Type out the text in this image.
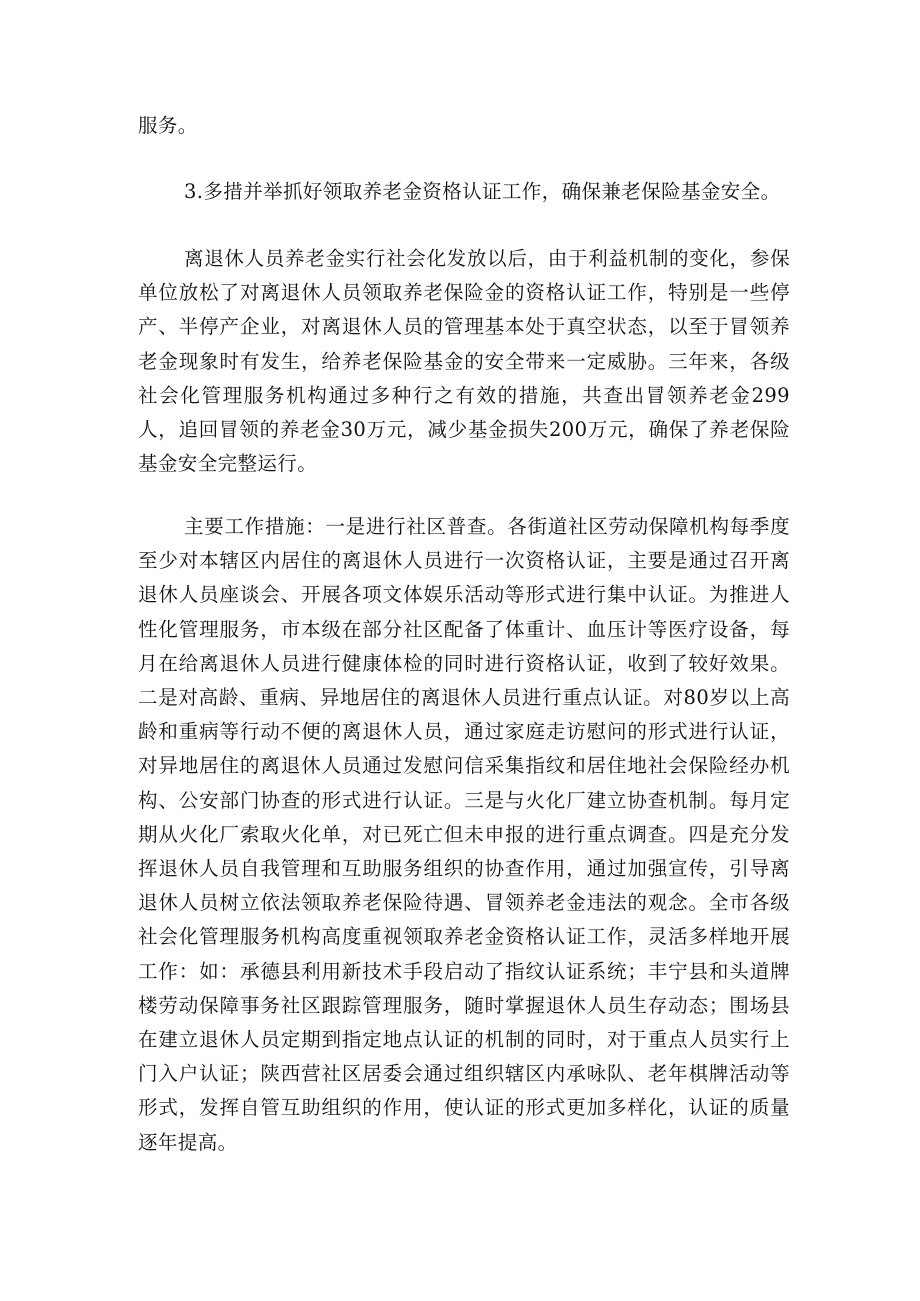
服务。

3.多措并举抓好领取养老金资格认证工作，确保兼老保险基金安全。

离退休人员养老金实行社会化发放以后，由于利益机制的变化，参保单位放松了对离退休人员领取养老保险金的资格认证工作，特别是一些停产、半停产企业，对离退休人员的管理基本处于真空状态，以至于冒领养老金现象时有发生，给养老保险基金的安全带来一定威胁。三年来，各级社会化管理服务机构通过多种行之有效的措施，共查出冒领养老金299人，追回冒领的养老金30万元，减少基金损失200万元，确保了养老保险基金安全完整运行。

主要工作措施：一是进行社区普查。各街道社区劳动保障机构每季度至少对本辖区内居住的离退休人员进行一次资格认证，主要是通过召开离退休人员座谈会、开展各项文体娱乐活动等形式进行集中认证。为推进人性化管理服务，市本级在部分社区配备了体重计、血压计等医疗设备，每月在给离退休人员进行健康体检的同时进行资格认证，收到了较好效果。二是对高龄、重病、异地居住的离退休人员进行重点认证。对80岁以上高龄和重病等行动不便的离退休人员，通过家庭走访慰问的形式进行认证，对异地居住的离退休人员通过发慰问信采集指纹和居住地社会保险经办机构、公安部门协查的形式进行认证。三是与火化厂建立协查机制。每月定期从火化厂索取火化单，对已死亡但未申报的进行重点调查。四是充分发挥退休人员自我管理和互助服务组织的协查作用，通过加强宣传，引导离退休人员树立依法领取养老保险待遇、冒领养老金违法的观念。全市各级社会化管理服务机构高度重视领取养老金资格认证工作，灵活多样地开展工作：如：承德县利用新技术手段启动了指纹认证系统；丰宁县和头道牌楼劳动保障事务社区跟踪管理服务，随时掌握退休人员生存动态；围场县在建立退休人员定期到指定地点认证的机制的同时，对于重点人员实行上门入户认证；陕西营社区居委会通过组织辖区内承咏队、老年棋牌活动等形式，发挥自管互助组织的作用，使认证的形式更加多样化，认证的质量逐年提高。
